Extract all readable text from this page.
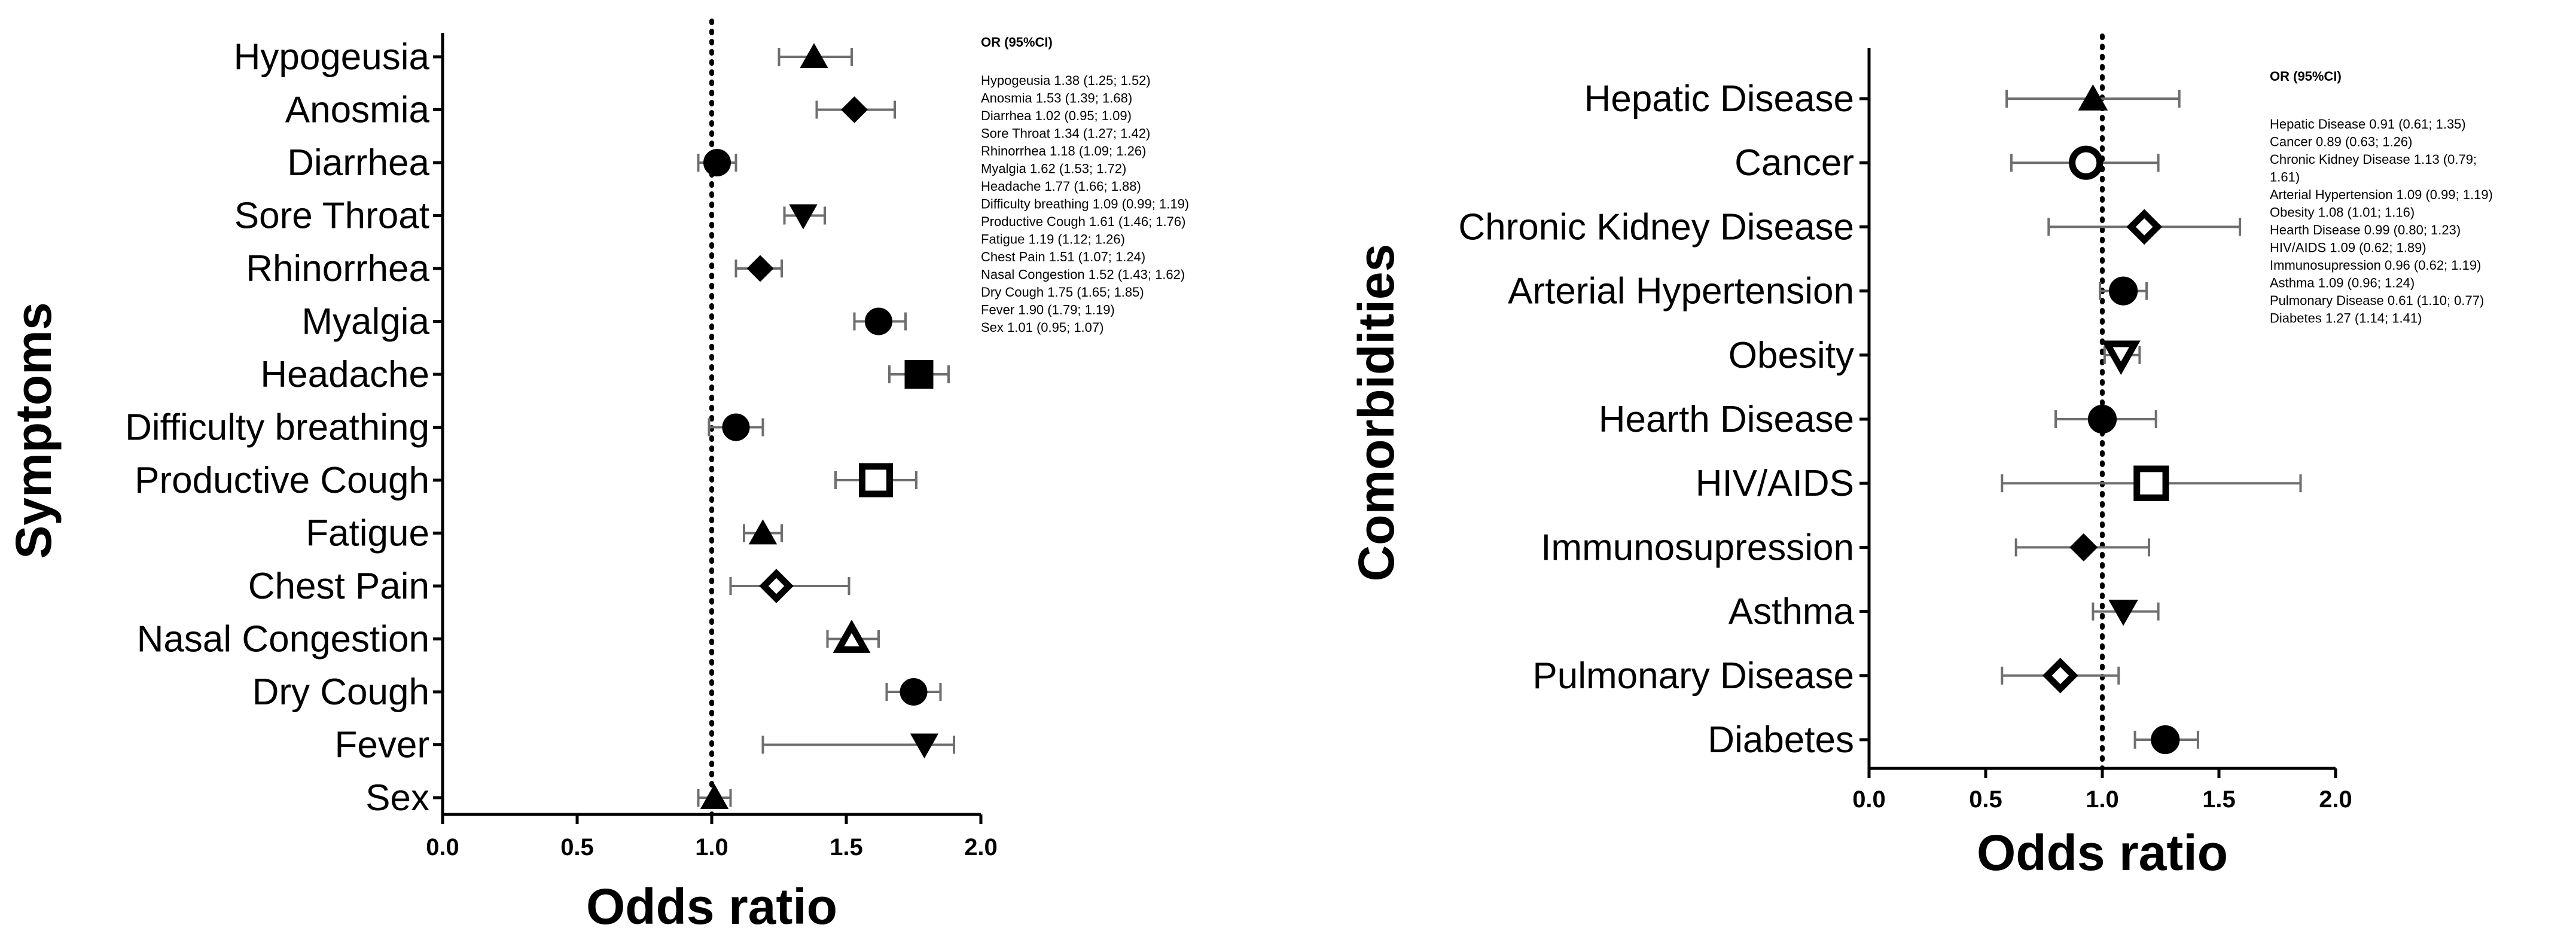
0.0	0.5	1.0	1.5	2.0
Hypogeusia
Anosmia
Diarrhea
Sore Throat
Rhinorrhea
Myalgia
Headache
Difficulty breathing
Productive Cough
Fatigue
Chest Pain
Nasal Congestion
Dry Cough
Fever
Sex
Odds ratio
Symptoms
OR (95%CI)
Hypogeusia 1.38 (1.25; 1.52)
Anosmia 1.53 (1.39; 1.68)
Diarrhea 1.02 (0.95; 1.09)
Sore Throat 1.34 (1.27; 1.42)
Rhinorrhea 1.18 (1.09; 1.26)
Myalgia 1.62 (1.53; 1.72)
Headache 1.77 (1.66; 1.88)
Difficulty breathing 1.09 (0.99; 1.19)
Productive Cough 1.61 (1.46; 1.76)
Fatigue 1.19 (1.12; 1.26)
Chest Pain 1.51 (1.07; 1.24)
Nasal Congestion 1.52 (1.43; 1.62)
Dry Cough 1.75 (1.65; 1.85)
Fever 1.90 (1.79; 1.19)
Sex 1.01 (0.95; 1.07)
0.0	0.5	1.0	1.5	2.0
Hepatic Disease
Cancer
Chronic Kidney Disease
Arterial Hypertension
Obesity
Hearth Disease
HIV/AIDS
Immunosupression
Asthma
Pulmonary Disease
Diabetes
Odds ratio
Comorbidities
OR (95%CI)
Hepatic Disease 0.91 (0.61; 1.35)
Cancer 0.89 (0.63; 1.26)
Chronic Kidney Disease 1.13 (0.79;
1.61)
Arterial Hypertension 1.09 (0.99; 1.19)
Obesity 1.08 (1.01; 1.16)
Hearth Disease 0.99 (0.80; 1.23)
HIV/AIDS 1.09 (0.62; 1.89)
Immunosupression 0.96 (0.62; 1.19)
Asthma 1.09 (0.96; 1.24)
Pulmonary Disease 0.61 (1.10; 0.77)
Diabetes 1.27 (1.14; 1.41)
